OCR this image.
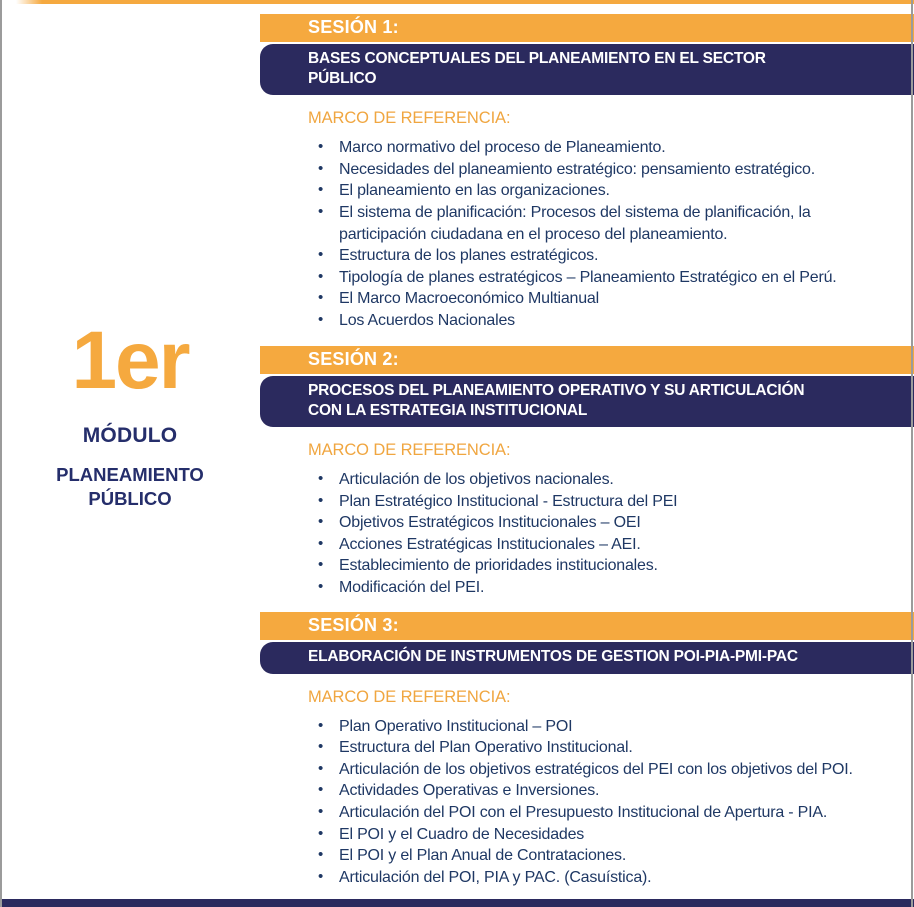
1er
MÓDULO
PLANEAMIENTO PÚBLICO
SESIÓN 1:
BASES CONCEPTUALES DEL PLANEAMIENTO EN EL SECTOR PÚBLICO
MARCO DE REFERENCIA:
• Marco normativo del proceso de Planeamiento.
• Necesidades del planeamiento estratégico: pensamiento estratégico.
• El planeamiento en las organizaciones.
• El sistema de planificación: Procesos del sistema de planificación, la participación ciudadana en el proceso del planeamiento.
• Estructura de los planes estratégicos.
• Tipología de planes estratégicos – Planeamiento Estratégico en el Perú.
• El Marco Macroeconómico Multianual
• Los Acuerdos Nacionales
SESIÓN 2:
PROCESOS DEL PLANEAMIENTO OPERATIVO Y SU ARTICULACIÓN CON LA ESTRATEGIA INSTITUCIONAL
MARCO DE REFERENCIA:
• Articulación de los objetivos nacionales.
• Plan Estratégico Institucional - Estructura del PEI
• Objetivos Estratégicos Institucionales – OEI
• Acciones Estratégicas Institucionales – AEI.
• Establecimiento de prioridades institucionales.
• Modificación del PEI.
SESIÓN 3:
ELABORACIÓN DE INSTRUMENTOS DE GESTION POI-PIA-PMI-PAC
MARCO DE REFERENCIA:
• Plan Operativo Institucional – POI
• Estructura del Plan Operativo Institucional.
• Articulación de los objetivos estratégicos del PEI con los objetivos del POI.
• Actividades Operativas e Inversiones.
• Articulación del POI con el Presupuesto Institucional de Apertura - PIA.
• El POI y el Cuadro de Necesidades
• El POI y el Plan Anual de Contrataciones.
• Articulación del POI, PIA y PAC. (Casuística).
